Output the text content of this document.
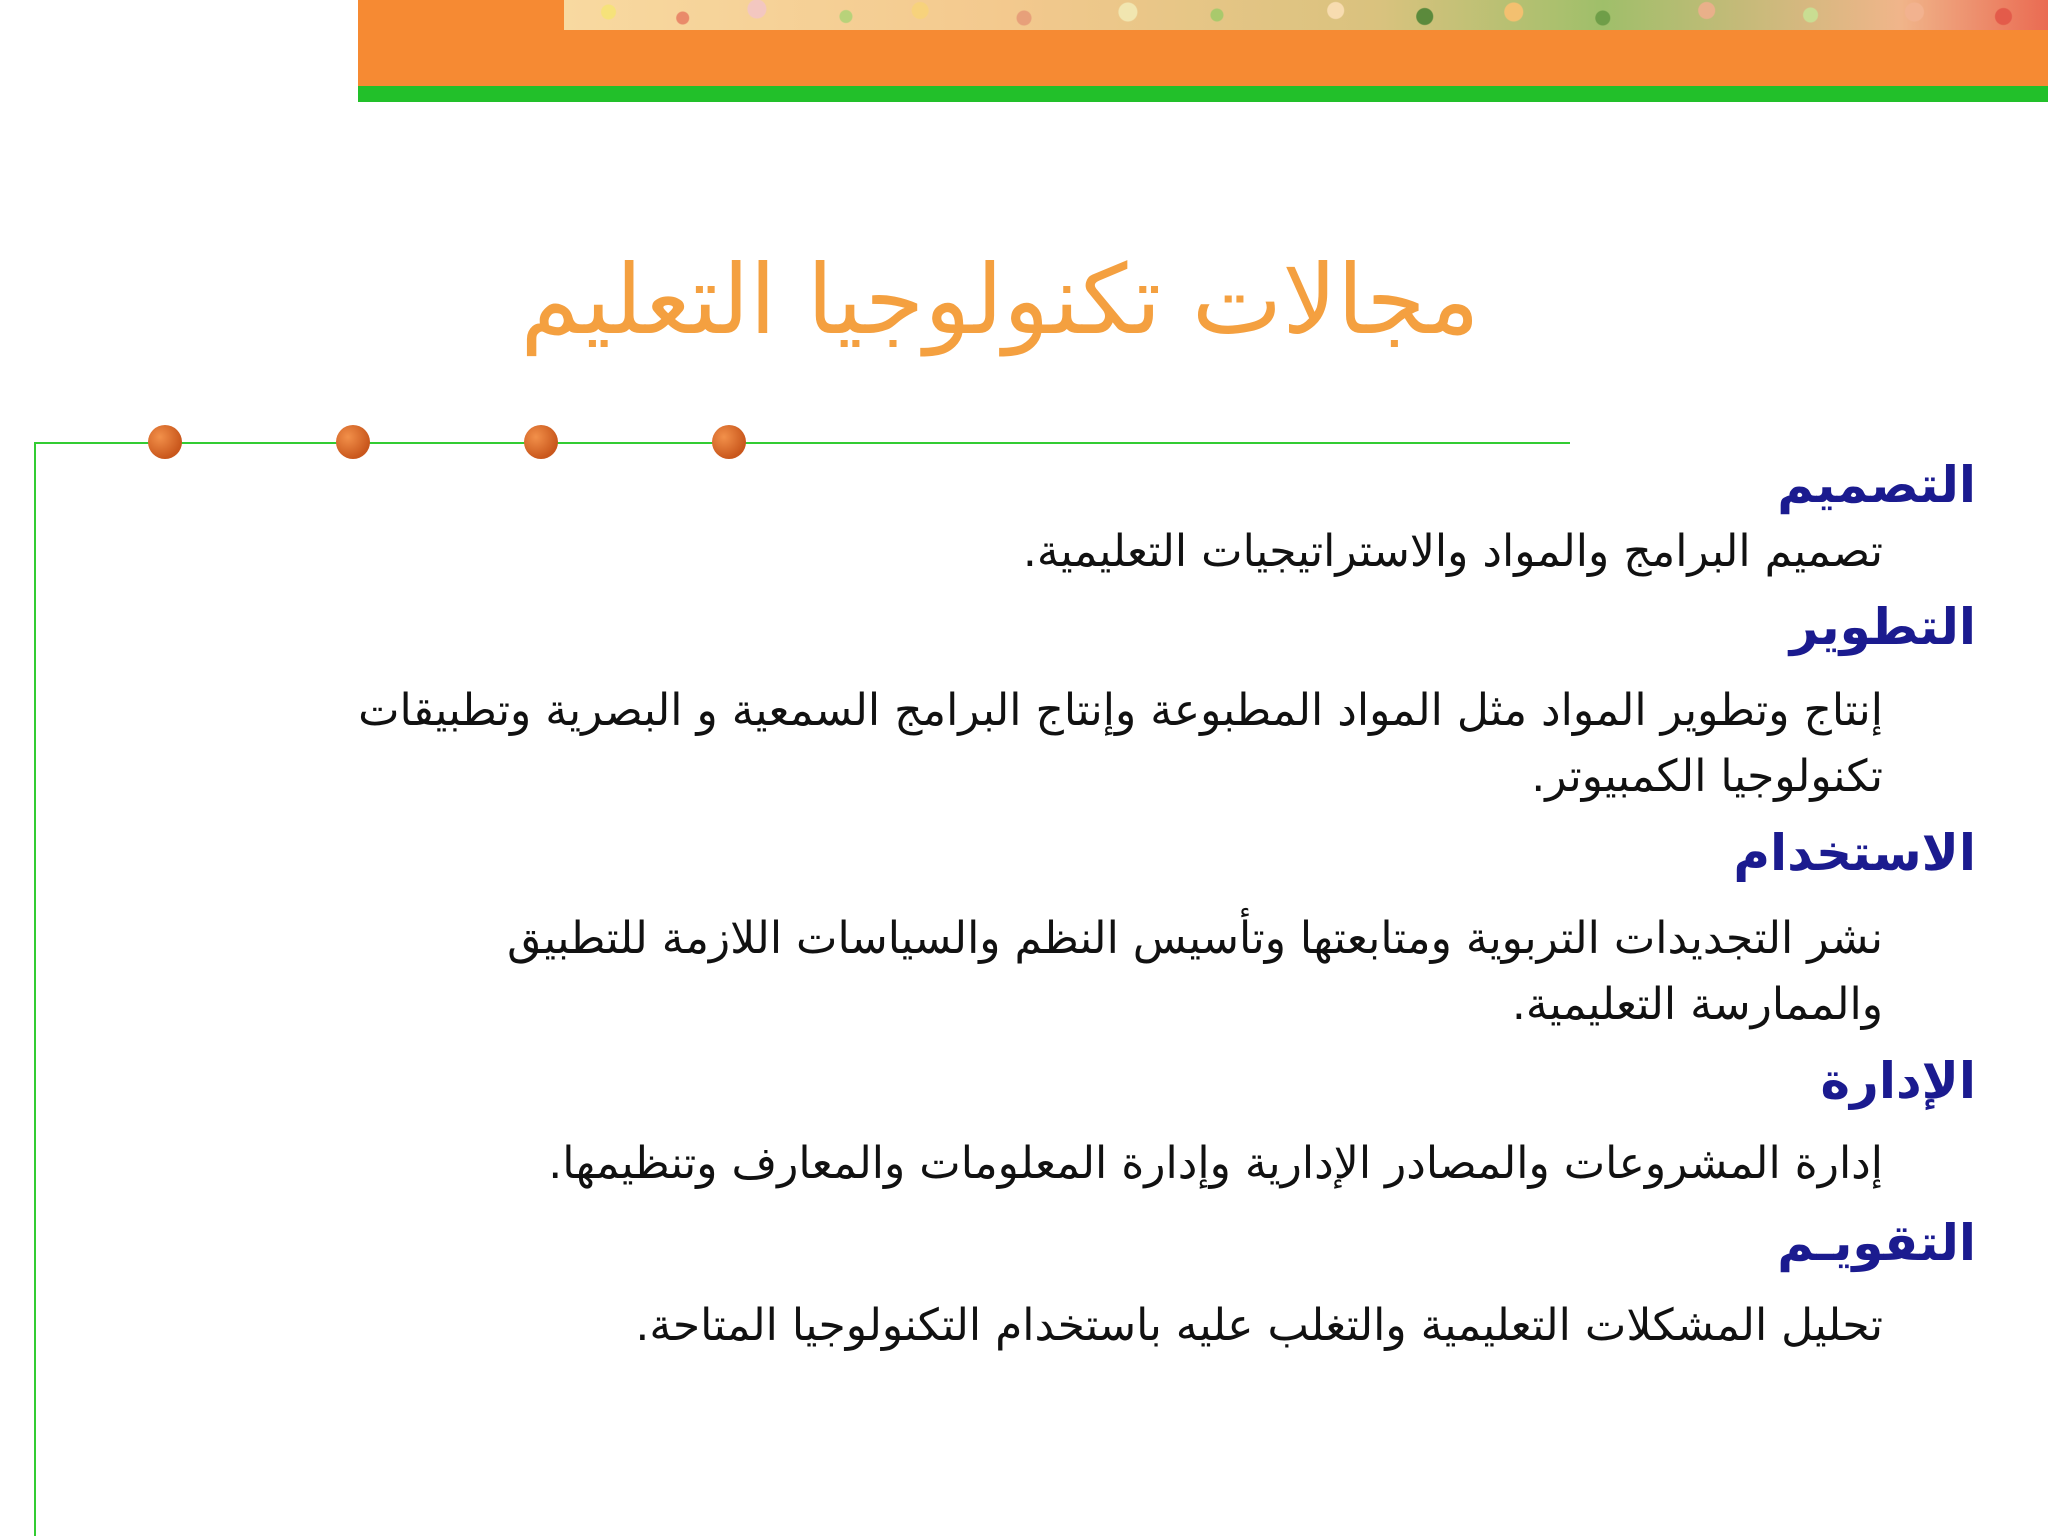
مجالات تكنولوجيا التعليم
التصميم

تصميم البرامج والمواد والاستراتيجيات التعليمية.

التطوير

إنتاج وتطوير المواد مثل المواد المطبوعة وإنتاج البرامج السمعية و البصرية وتطبيقات تكنولوجيا الكمبيوتر.

الاستخدام

نشر التجديدات التربوية ومتابعتها وتأسيس النظم والسياسات اللازمة للتطبيق والممارسة التعليمية.

الإدارة

إدارة المشروعات والمصادر الإدارية وإدارة المعلومات والمعارف وتنظيمها.

التقويـم

تحليل المشكلات التعليمية والتغلب عليه باستخدام التكنولوجيا المتاحة.
